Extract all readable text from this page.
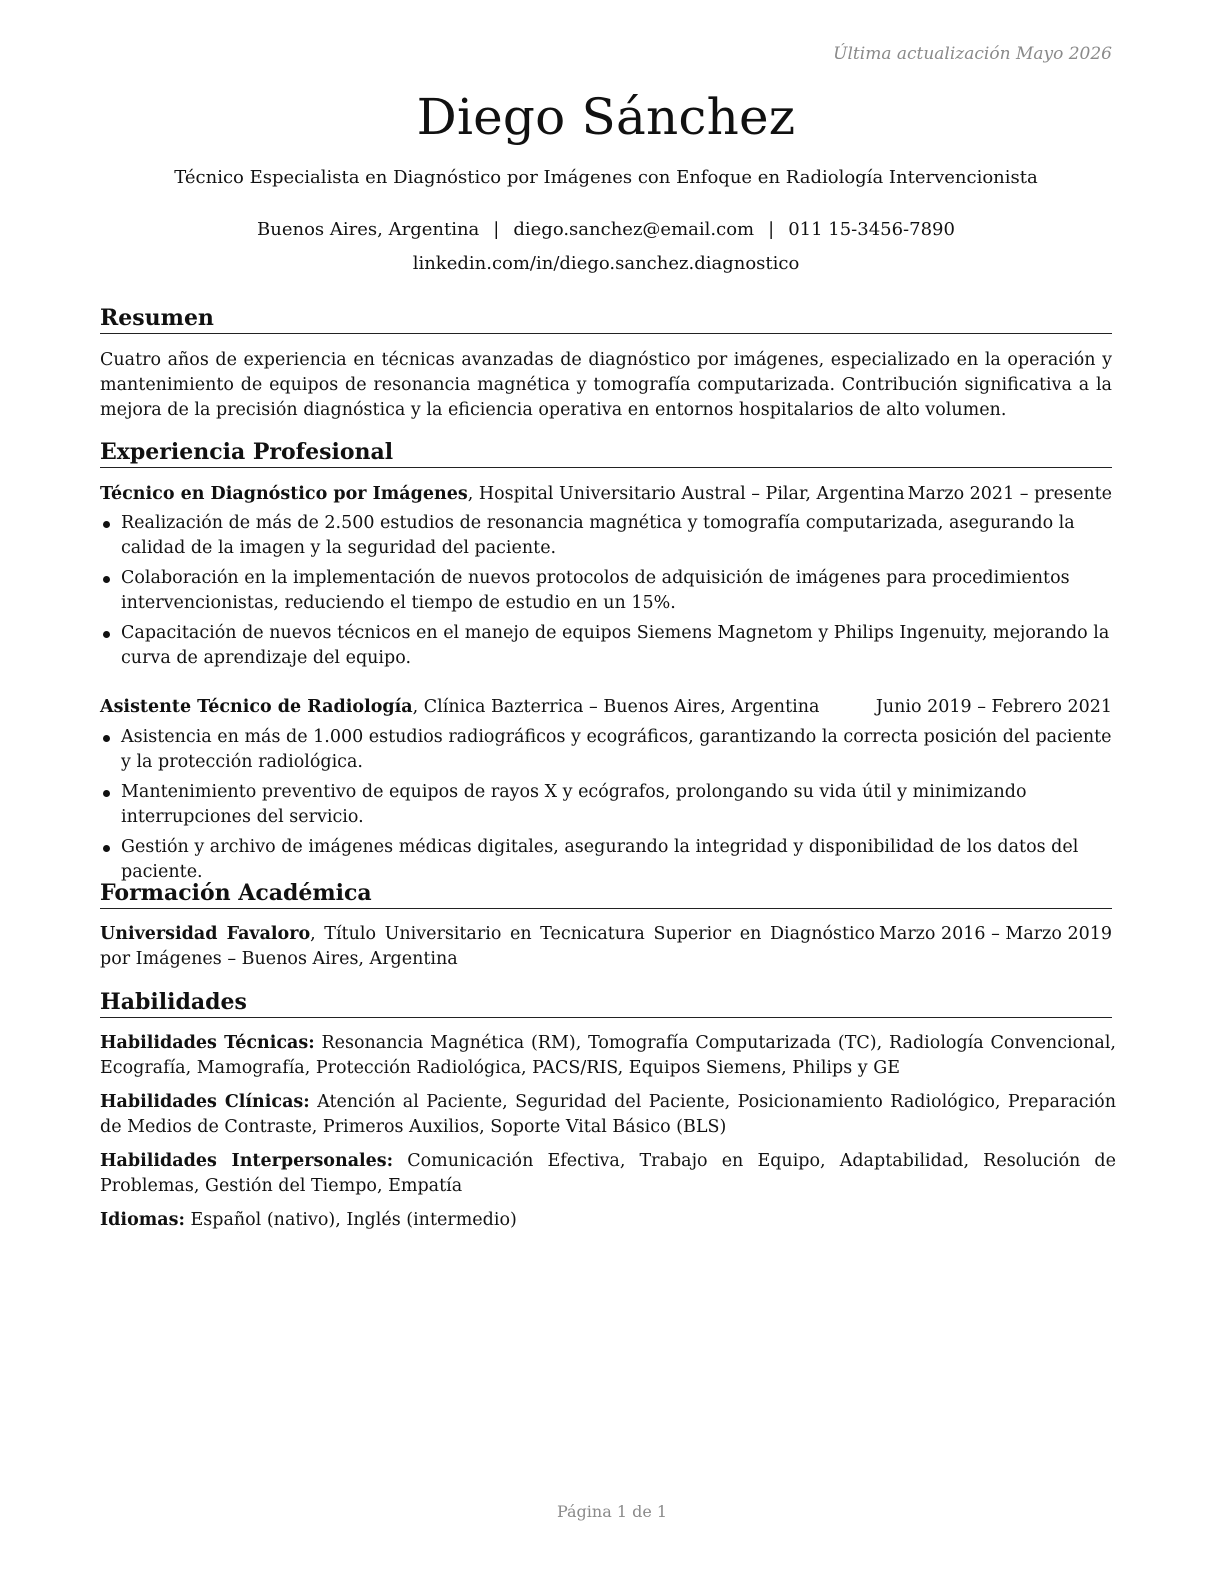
Última actualización Mayo 2026
Diego Sánchez
Técnico Especialista en Diagnóstico por Imágenes con Enfoque en Radiología Intervencionista
Buenos Aires, Argentina | diego.sanchez@email.com | 011 15-3456-7890
linkedin.com/in/diego.sanchez.diagnostico
Resumen
Cuatro años de experiencia en técnicas avanzadas de diagnóstico por imágenes, especializado en la operación y mantenimiento de equipos de resonancia magnética y tomografía computarizada. Contribución significativa a la mejora de la precisión diagnóstica y la eficiencia operativa en entornos hospitalarios de alto volumen.
Experiencia Profesional
Técnico en Diagnóstico por Imágenes, Hospital Universitario Austral – Pilar, Argentina Marzo 2021 – presente
Realización de más de 2.500 estudios de resonancia magnética y tomografía computarizada, asegurando la calidad de la imagen y la seguridad del paciente.
Colaboración en la implementación de nuevos protocolos de adquisición de imágenes para procedimientos intervencionistas, reduciendo el tiempo de estudio en un 15%.
Capacitación de nuevos técnicos en el manejo de equipos Siemens Magnetom y Philips Ingenuity, mejorando la curva de aprendizaje del equipo.
Asistente Técnico de Radiología, Clínica Bazterrica – Buenos Aires, Argentina	Junio 2019 – Febrero 2021
Asistencia en más de 1.000 estudios radiográficos y ecográficos, garantizando la correcta posición del paciente y la protección radiológica.
Mantenimiento preventivo de equipos de rayos X y ecógrafos, prolongando su vida útil y minimizando interrupciones del servicio.
Gestión y archivo de imágenes médicas digitales, asegurando la integridad y disponibilidad de los datos del paciente.
Formación Académica
Universidad Favaloro, Título Universitario en Tecnicatura Superior en Diagnóstico por Imágenes – Buenos Aires, Argentina
Marzo 2016 – Marzo 2019
Habilidades
Habilidades Técnicas: Resonancia Magnética (RM), Tomografía Computarizada (TC), Radiología Convencional, Ecografía, Mamografía, Protección Radiológica, PACS/RIS, Equipos Siemens, Philips y GE
Habilidades Clínicas: Atención al Paciente, Seguridad del Paciente, Posicionamiento Radiológico, Preparación de Medios de Contraste, Primeros Auxilios, Soporte Vital Básico (BLS)
Habilidades Interpersonales: Comunicación Efectiva, Trabajo en Equipo, Adaptabilidad, Resolución de Problemas, Gestión del Tiempo, Empatía
Idiomas: Español (nativo), Inglés (intermedio)
Página 1 de 1
